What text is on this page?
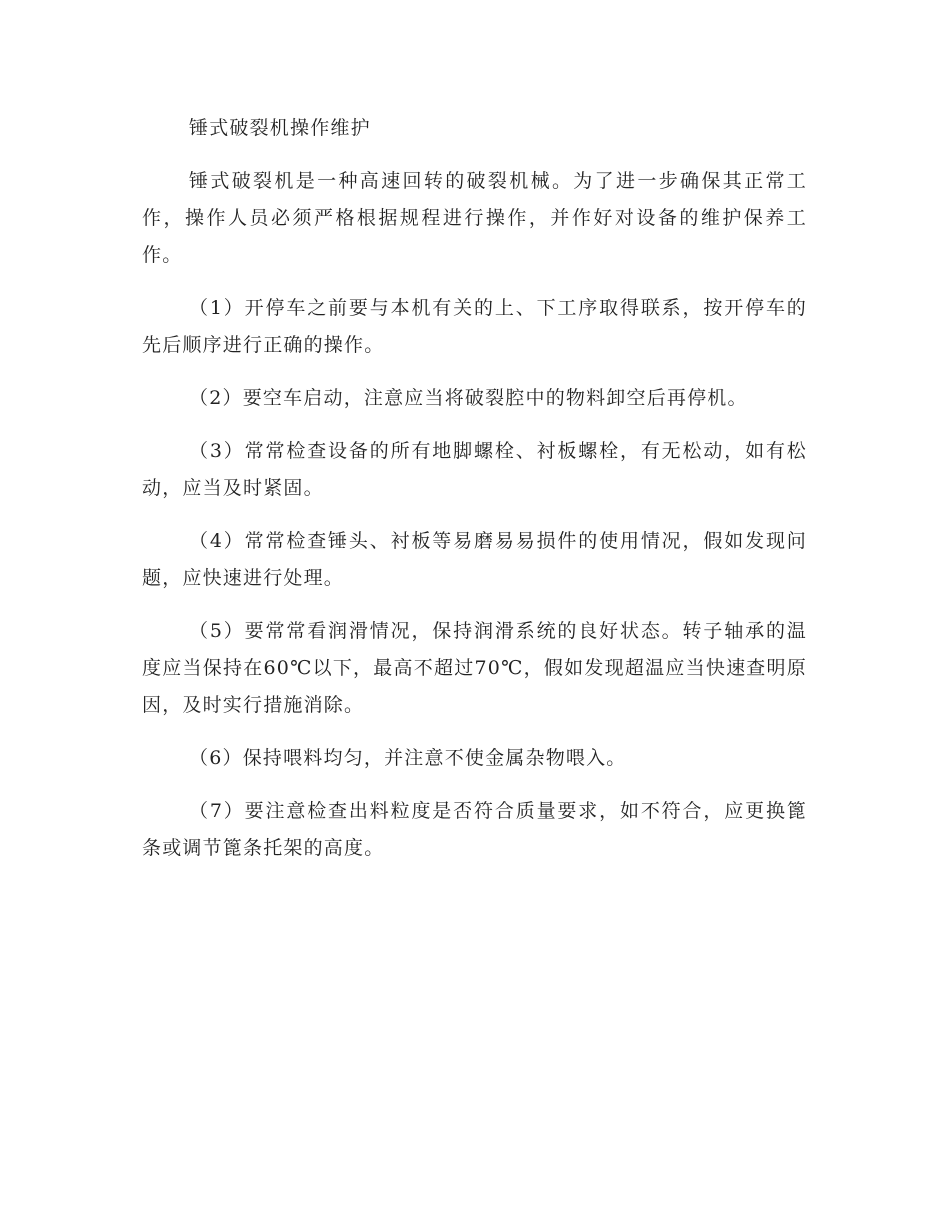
锤式破裂机操作维护

锤式破裂机是一种高速回转的破裂机械。为了进一步确保其正常工作，操作人员必须严格根据规程进行操作，并作好对设备的维护保养工作。

（1）开停车之前要与本机有关的上、下工序取得联系，按开停车的先后顺序进行正确的操作。

（2）要空车启动，注意应当将破裂腔中的物料卸空后再停机。

（3）常常检查设备的所有地脚螺栓、衬板螺栓，有无松动，如有松动，应当及时紧固。

（4）常常检查锤头、衬板等易磨易易损件的使用情况，假如发现问题，应快速进行处理。

（5）要常常看润滑情况，保持润滑系统的良好状态。转子轴承的温度应当保持在60℃以下，最高不超过70℃，假如发现超温应当快速查明原因，及时实行措施消除。

（6）保持喂料均匀，并注意不使金属杂物喂入。

（7）要注意检查出料粒度是否符合质量要求，如不符合，应更换篦条或调节篦条托架的高度。
